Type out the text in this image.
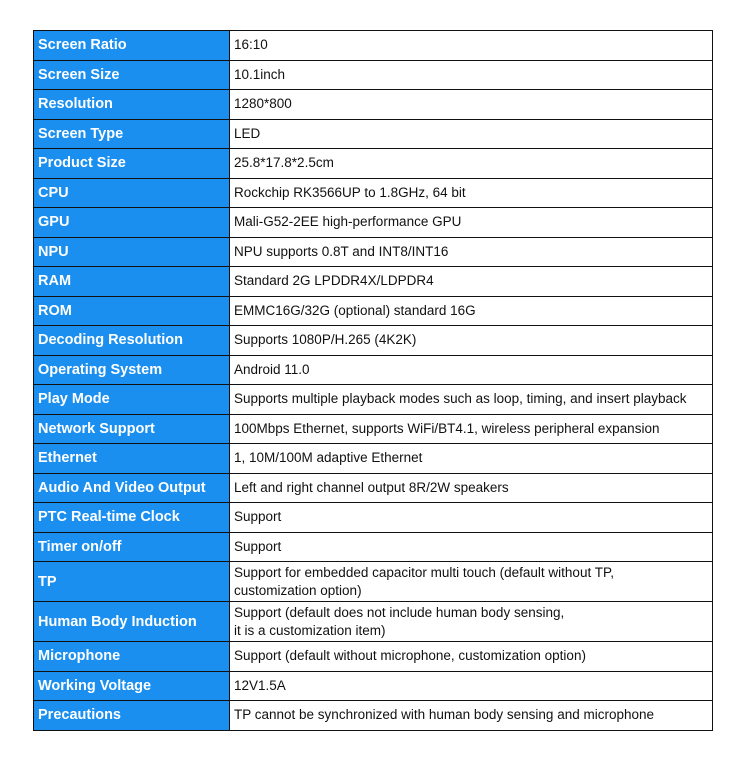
Screen Ratio	16:10
Screen Size	10.1inch
Resolution	1280*800
Screen Type	LED
Product Size	25.8*17.8*2.5cm
CPU	Rockchip RK3566UP to 1.8GHz, 64 bit
GPU	Mali-G52-2EE high-performance GPU
NPU	NPU supports 0.8T and INT8/INT16
RAM	Standard 2G LPDDR4X/LDPDR4
ROM	EMMC16G/32G (optional) standard 16G
Decoding Resolution	Supports 1080P/H.265 (4K2K)
Operating System	Android 11.0
Play Mode	Supports multiple playback modes such as loop, timing, and insert playback
Network Support	100Mbps Ethernet, supports WiFi/BT4.1, wireless peripheral expansion
Ethernet	1, 10M/100M adaptive Ethernet
Audio And Video Output	Left and right channel output 8R/2W speakers
PTC Real-time Clock	Support
Timer on/off	Support
TP	Support for embedded capacitor multi touch (default without TP,
customization option)
Human Body Induction	Support (default does not include human body sensing,
it is a customization item)
Microphone	Support (default without microphone, customization option)
Working Voltage	12V1.5A
Precautions	TP cannot be synchronized with human body sensing and microphone
